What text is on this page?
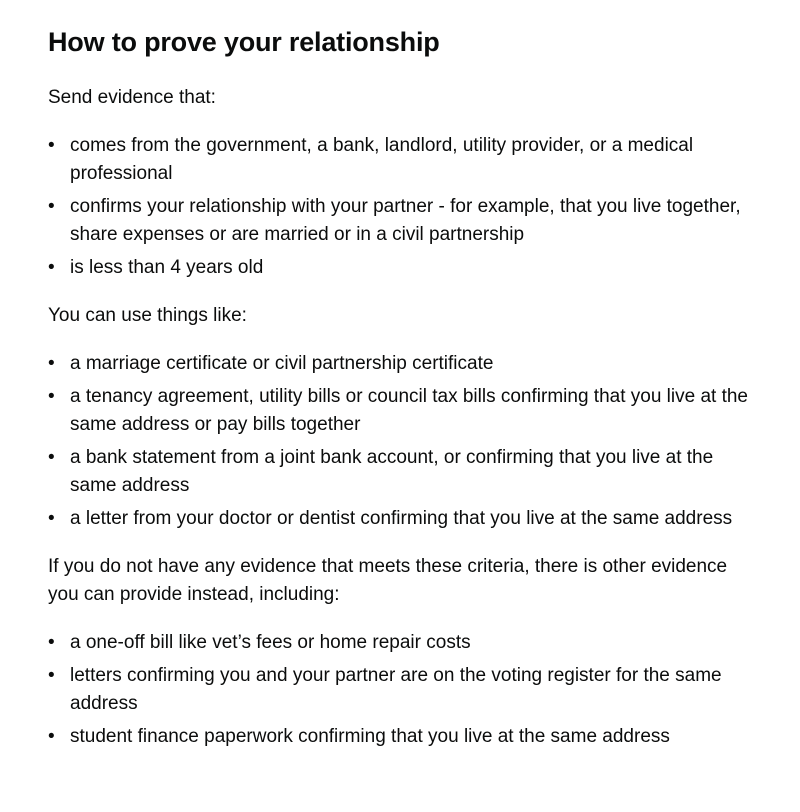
How to prove your relationship

Send evidence that:

• comes from the government, a bank, landlord, utility provider, or a medical professional
• confirms your relationship with your partner - for example, that you live together, share expenses or are married or in a civil partnership
• is less than 4 years old

You can use things like:

• a marriage certificate or civil partnership certificate
• a tenancy agreement, utility bills or council tax bills confirming that you live at the same address or pay bills together
• a bank statement from a joint bank account, or confirming that you live at the same address
• a letter from your doctor or dentist confirming that you live at the same address

If you do not have any evidence that meets these criteria, there is other evidence you can provide instead, including:

• a one-off bill like vet’s fees or home repair costs
• letters confirming you and your partner are on the voting register for the same address
• student finance paperwork confirming that you live at the same address
